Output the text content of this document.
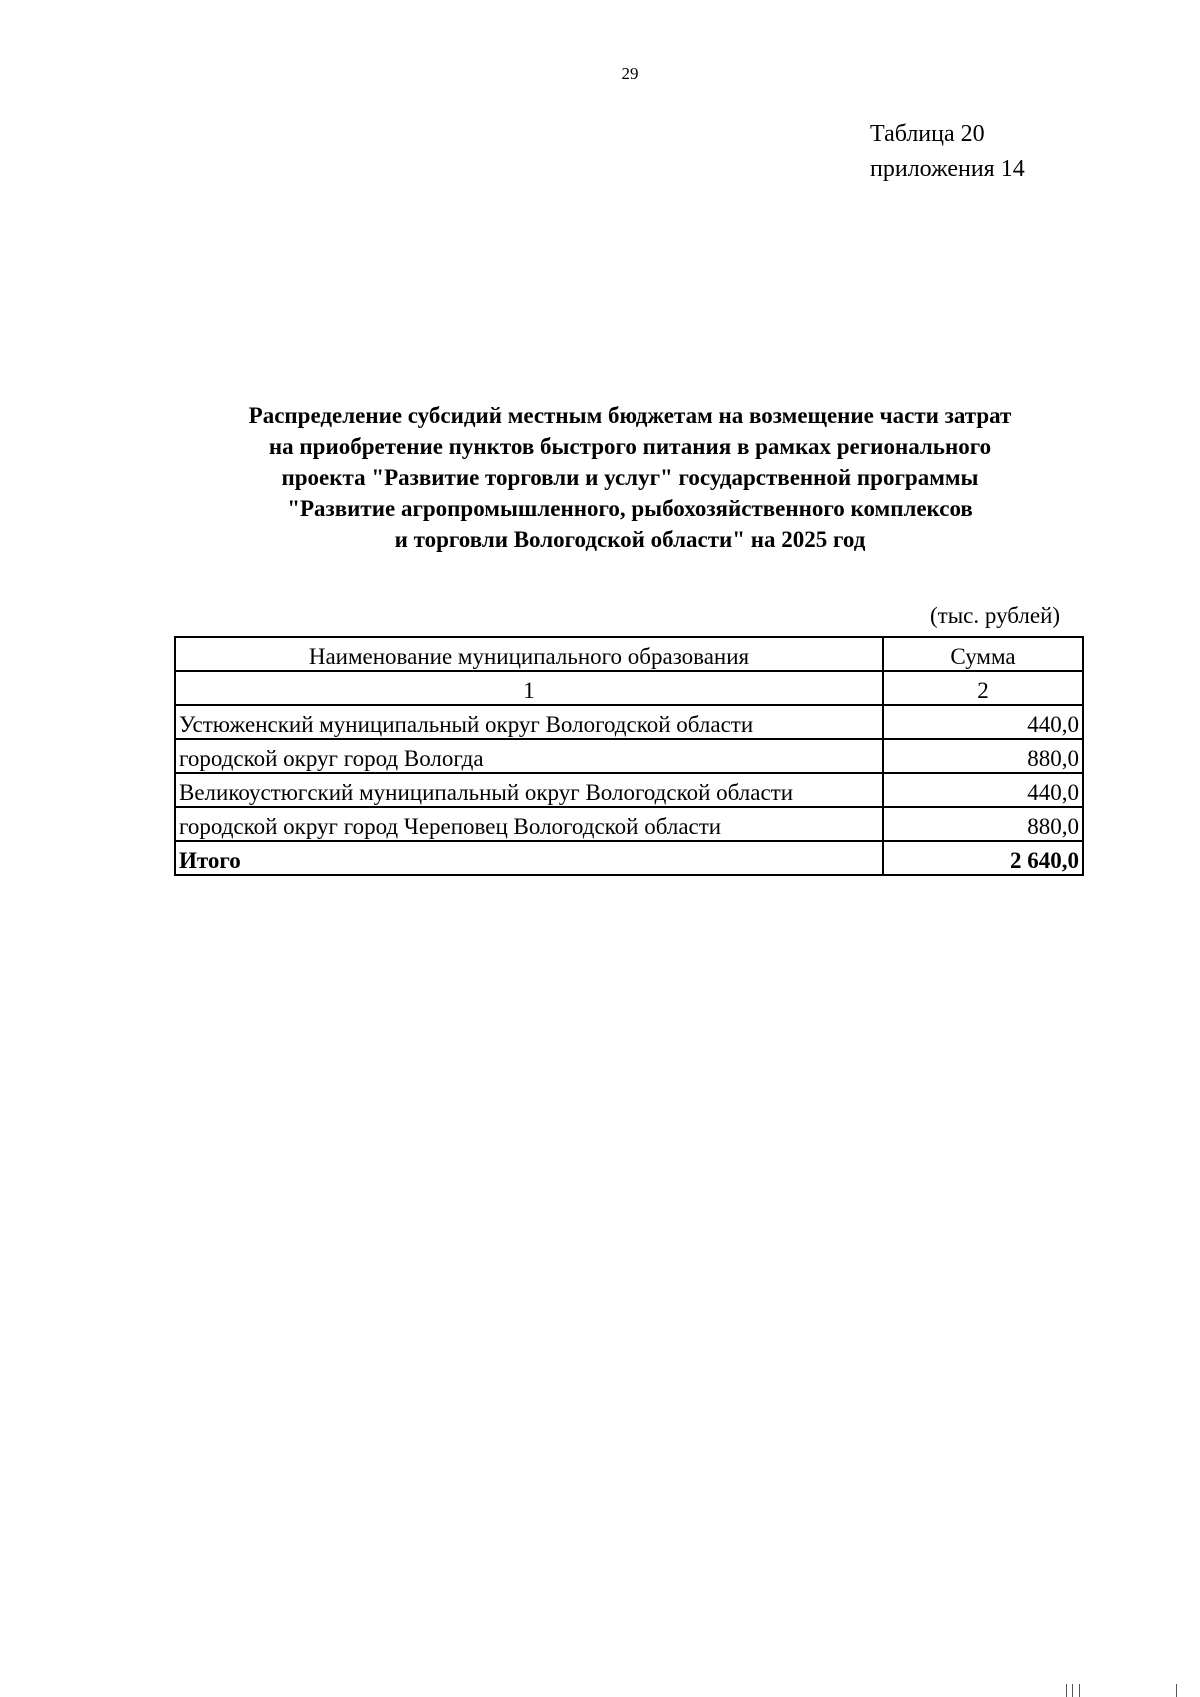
29
Таблица 20
приложения 14
Распределение субсидий местным бюджетам на возмещение части затрат
на приобретение пунктов быстрого питания в рамках регионального
проекта "Развитие торговли и услуг" государственной программы
"Развитие агропромышленного, рыбохозяйственного комплексов
и торговли Вологодской области" на 2025 год
(тыс. рублей)
Наименование муниципального образования	Сумма
1	2
Устюженский муниципальный округ Вологодской области	440,0
городской округ город Вологда	880,0
Великоустюгский муниципальный округ Вологодской области	440,0
городской округ город Череповец Вологодской области	880,0
Итого	2 640,0
